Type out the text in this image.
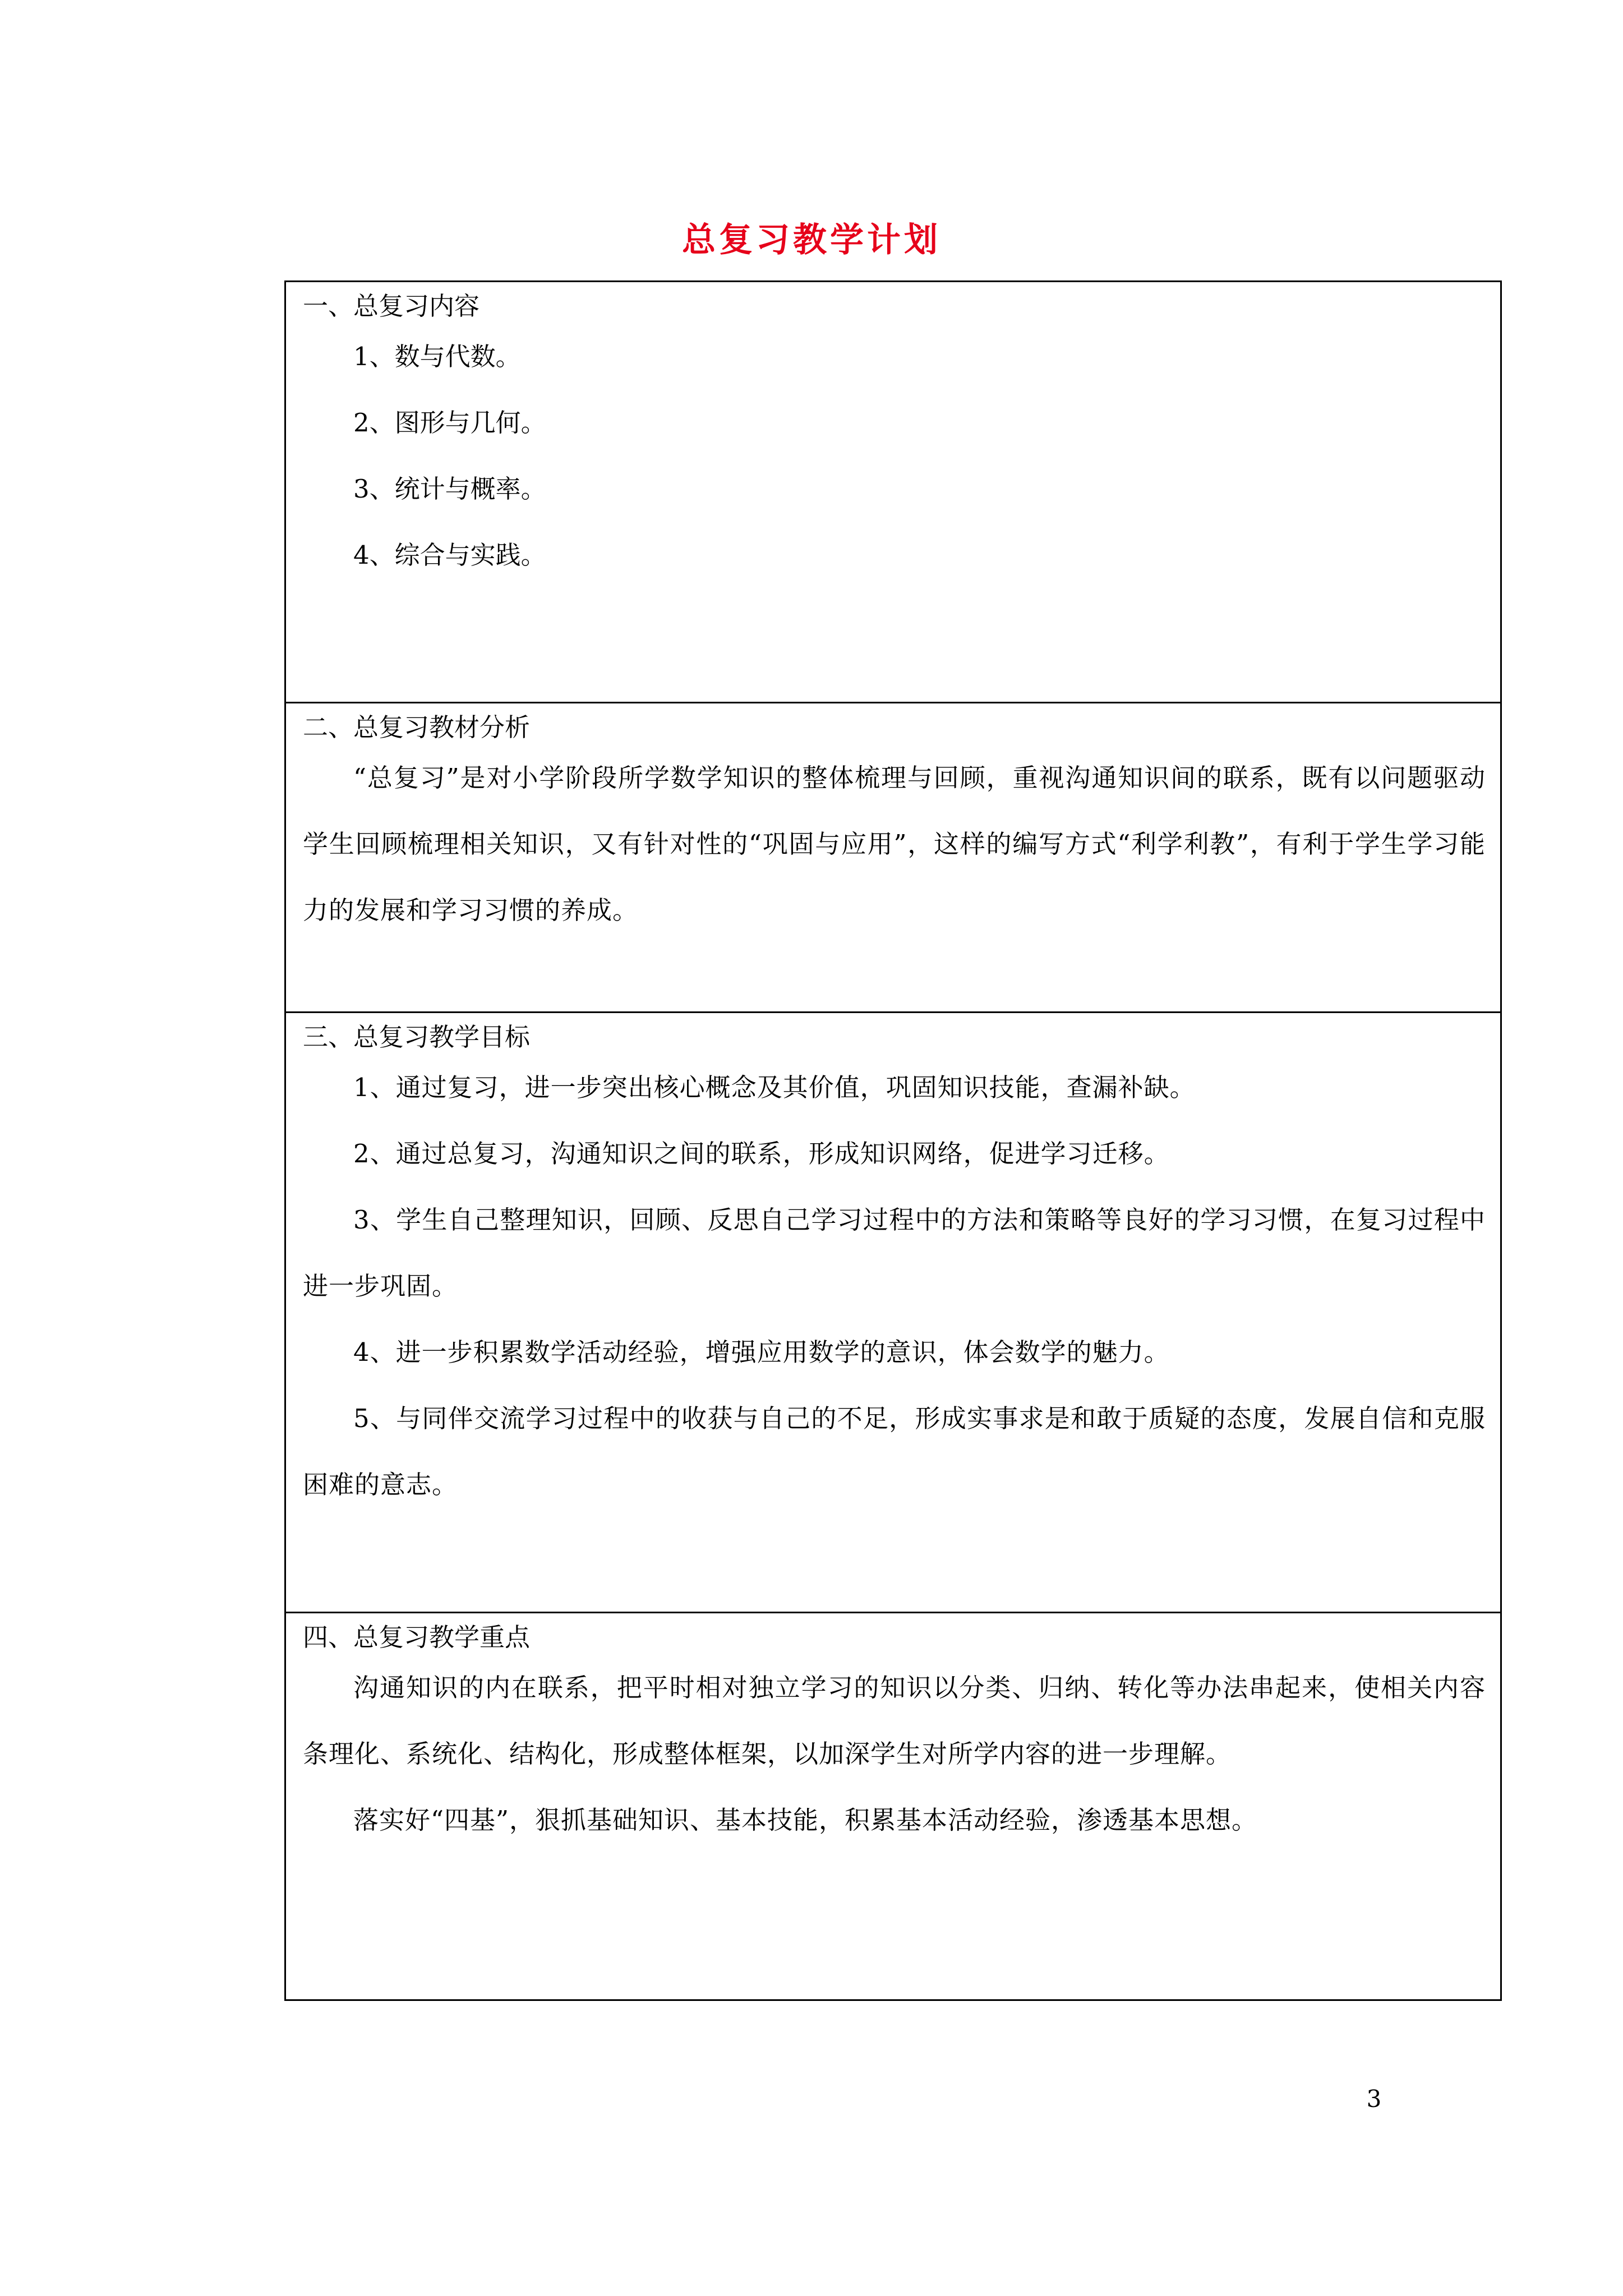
总复习教学计划

一、总复习内容

1、数与代数。

2、图形与几何。

3、统计与概率。

4、综合与实践。

二、总复习教材分析

“总复习”是对小学阶段所学数学知识的整体梳理与回顾，重视沟通知识间的联系，既有以问题驱动学生回顾梳理相关知识，又有针对性的“巩固与应用”，这样的编写方式“利学利教”，有利于学生学习能力的发展和学习习惯的养成。

三、总复习教学目标

1、通过复习，进一步突出核心概念及其价值，巩固知识技能，查漏补缺。

2、通过总复习，沟通知识之间的联系，形成知识网络，促进学习迁移。

3、学生自己整理知识，回顾、反思自己学习过程中的方法和策略等良好的学习习惯，在复习过程中进一步巩固。

4、进一步积累数学活动经验，增强应用数学的意识，体会数学的魅力。

5、与同伴交流学习过程中的收获与自己的不足，形成实事求是和敢于质疑的态度，发展自信和克服困难的意志。

四、总复习教学重点

沟通知识的内在联系，把平时相对独立学习的知识以分类、归纳、转化等办法串起来，使相关内容条理化、系统化、结构化，形成整体框架，以加深学生对所学内容的进一步理解。

落实好“四基”，狠抓基础知识、基本技能，积累基本活动经验，渗透基本思想。

3
